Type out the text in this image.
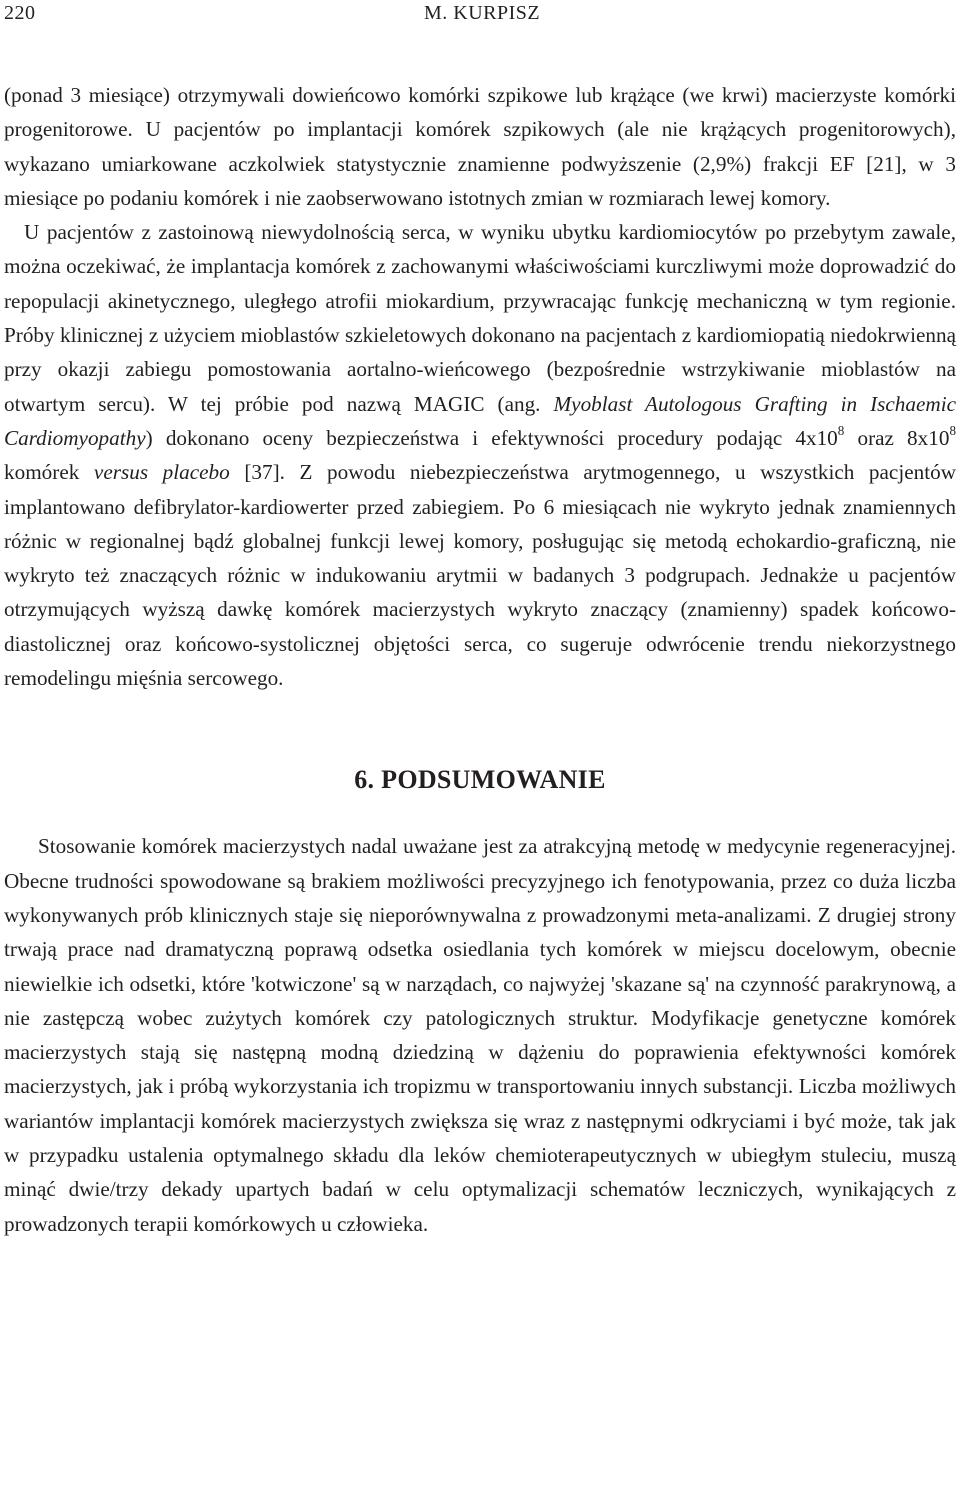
220	M. KURPISZ

(ponad 3 miesiące) otrzymywali dowieńcowo komórki szpikowe lub krążące (we krwi) macierzyste komórki progenitorowe. U pacjentów po implantacji komórek szpikowych (ale nie krążących progenitorowych), wykazano umiarkowane aczkolwiek statystycznie znamienne podwyższenie (2,9%) frakcji EF [21], w 3 miesiące po podaniu komórek i nie zaobserwowano istotnych zmian w rozmiarach lewej komory.

U pacjentów z zastoinową niewydolnością serca, w wyniku ubytku kardiomiocytów po przebytym zawale, można oczekiwać, że implantacja komórek z zachowanymi właściwościami kurczliwymi może doprowadzić do repopulacji akinetycznego, uległego atrofii miokardium, przywracając funkcję mechaniczną w tym regionie. Próby klinicznej z użyciem mioblastów szkieletowych dokonano na pacjentach z kardiomiopatią niedokrwienną przy okazji zabiegu pomostowania aortalno-wieńcowego (bezpośrednie wstrzykiwanie mioblastów na otwartym sercu). W tej próbie pod nazwą MAGIC (ang. Myoblast Autologous Grafting in Ischaemic Cardiomyopathy) dokonano oceny bezpieczeństwa i efektywności procedury podając $4x10^8$ oraz $8x10^8$ komórek versus placebo [37]. Z powodu niebezpieczeństwa arytmogennego, u wszystkich pacjentów implantowano defibrylator-kardiowerter przed zabiegiem. Po 6 miesiącach nie wykryto jednak znamiennych różnic w regionalnej bądź globalnej funkcji lewej komory, posługując się metodą echokardio-graficzną, nie wykryto też znaczących różnic w indukowaniu arytmii w badanych 3 podgrupach. Jednakże u pacjentów otrzymujących wyższą dawkę komórek macierzystych wykryto znaczący (znamienny) spadek końcowo-diastolicznej oraz końcowo-systolicznej objętości serca, co sugeruje odwrócenie trendu niekorzystnego remodelingu mięśnia sercowego.

6. PODSUMOWANIE

Stosowanie komórek macierzystych nadal uważane jest za atrakcyjną metodę w medycynie regeneracyjnej. Obecne trudności spowodowane są brakiem możliwości precyzyjnego ich fenotypowania, przez co duża liczba wykonywanych prób klinicznych staje się nieporównywalna z prowadzonymi meta-analizami. Z drugiej strony trwają prace nad dramatyczną poprawą odsetka osiedlania tych komórek w miejscu docelowym, obecnie niewielkie ich odsetki, które 'kotwiczone' są w narządach, co najwyżej 'skazane są' na czynność parakrynową, a nie zastępczą wobec zużytych komórek czy patologicznych struktur. Modyfikacje genetyczne komórek macierzystych stają się następną modną dziedziną w dążeniu do poprawienia efektywności komórek macierzystych, jak i próbą wykorzystania ich tropizmu w transportowaniu innych substancji. Liczba możliwych wariantów implantacji komórek macierzystych zwiększa się wraz z następnymi odkryciami i być może, tak jak w przypadku ustalenia optymalnego składu dla leków chemioterapeutycznych w ubiegłym stuleciu, muszą minąć dwie/trzy dekady upartych badań w celu optymalizacji schematów leczniczych, wynikających z prowadzonych terapii komórkowych u człowieka.
